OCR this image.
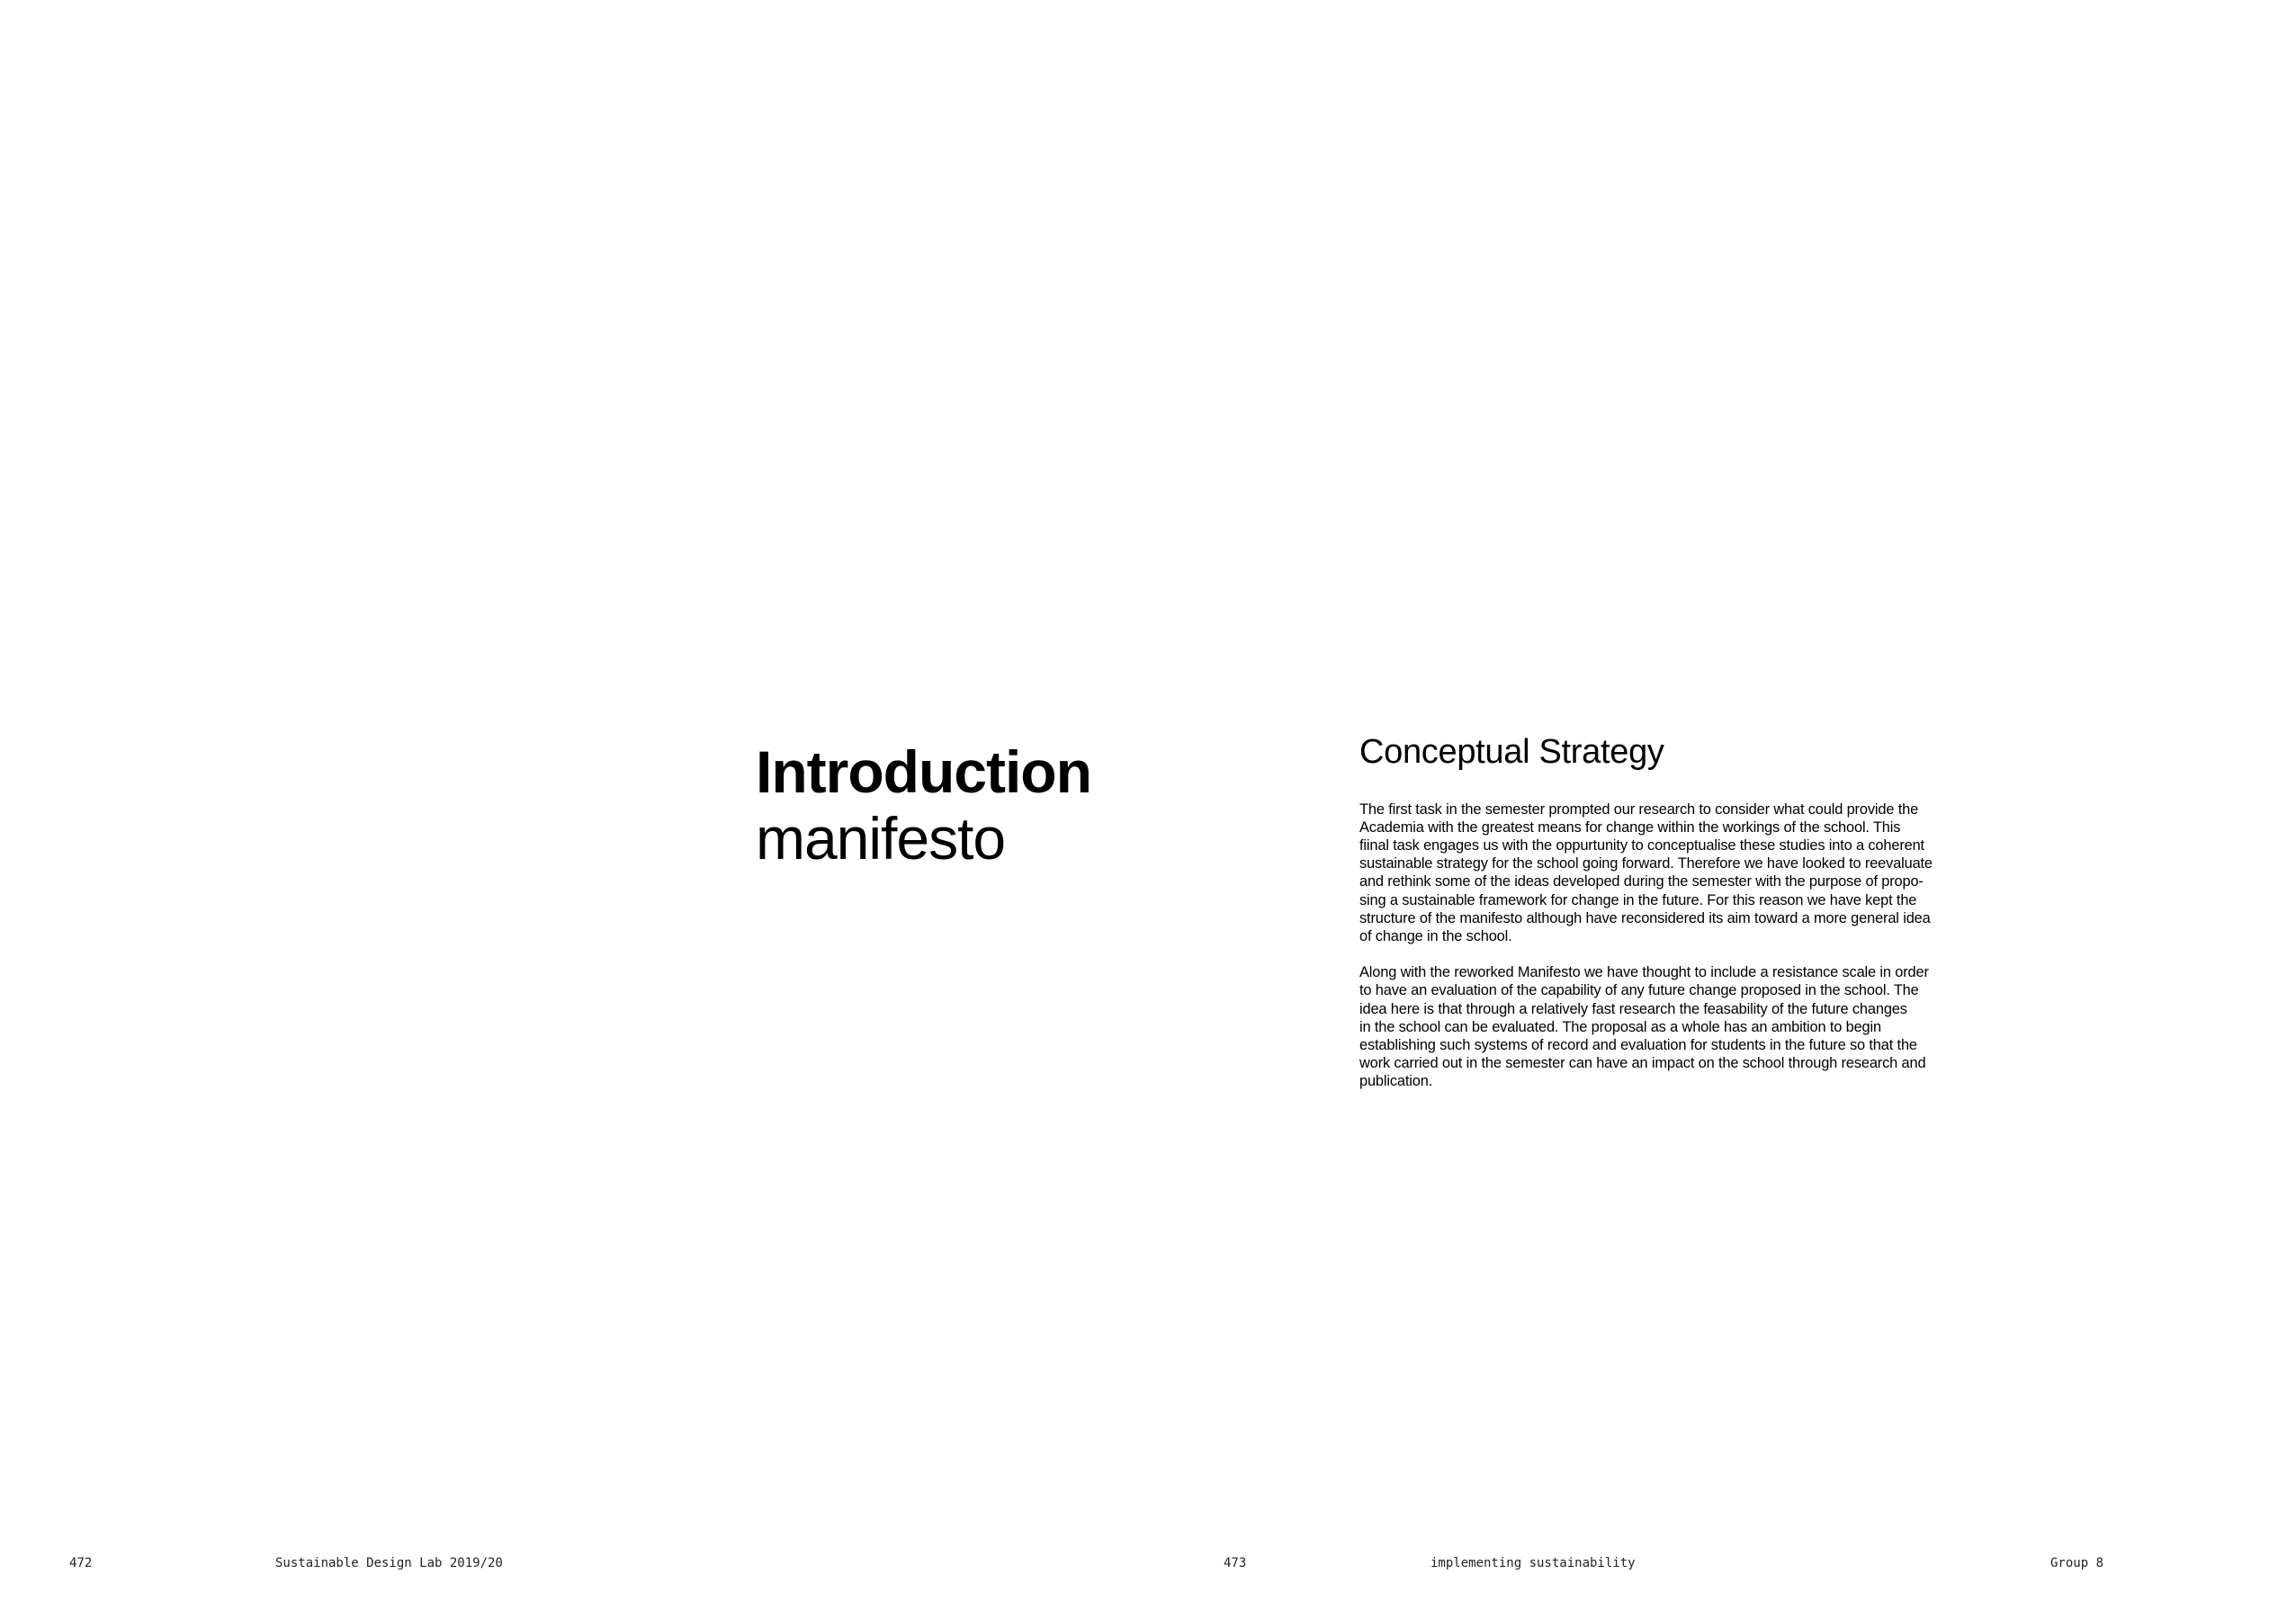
Introduction
manifesto
Conceptual Strategy

The first task in the semester prompted our research to consider what could provide the
Academia with the greatest means for change within the workings of the school. This
fiinal task engages us with the oppurtunity to conceptualise these studies into a coherent
sustainable strategy for the school going forward. Therefore we have looked to reevaluate
and rethink some of the ideas developed during the semester with the purpose of propo-
sing a sustainable framework for change in the future. For this reason we have kept the
structure of the manifesto although have reconsidered its aim toward a more general idea
of change in the school.

Along with the reworked Manifesto we have thought to include a resistance scale in order
to have an evaluation of the capability of any future change proposed in the school. The
idea here is that through a relatively fast research the feasability of the future changes
in the school can be evaluated. The proposal as a whole has an ambition to begin
establishing such systems of record and evaluation for students in the future so that the
work carried out in the semester can have an impact on the school through research and
publication.

472	Sustainable Design Lab 2019/20	473	implementing sustainability	Group 8
